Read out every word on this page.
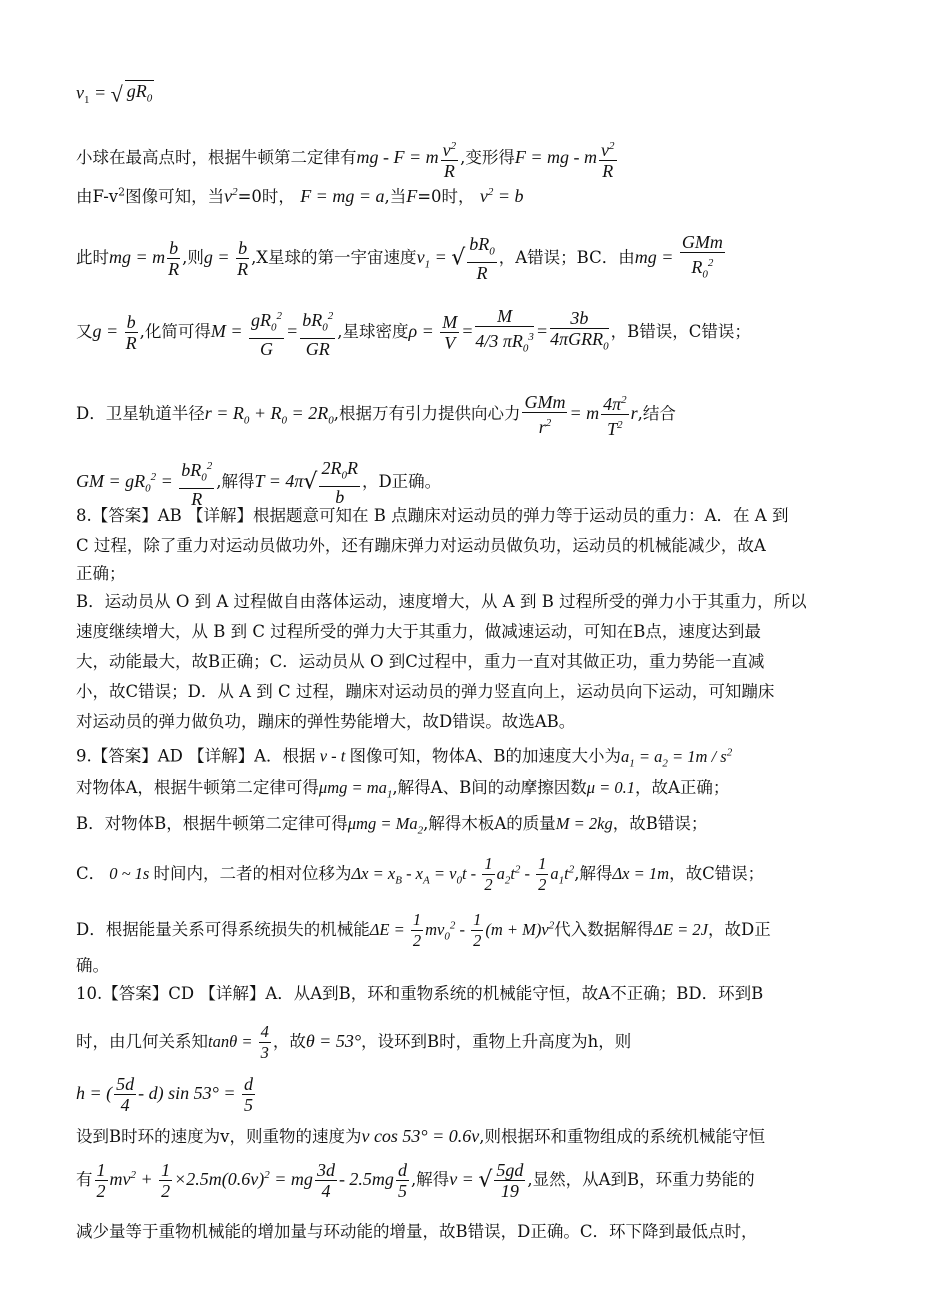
$v_1$ = √ $gR_0$
小球在最高点时，根据牛顿第二定律有mg - F = m $\frac{v^2}{R}$ ,变形得F = mg - m $\frac{v^2}{R}$
由$F-v^2$图像可知，当$v^2=0$时， F = mg = a,当F=0时， $v^2 = b$
此时mg = m $\frac{b}{R}$ ,则$g = \frac{b}{R} ,X$星球的第一宇宙速度$v_1$ = √ $\frac{bR_0}{R}$ ，A错误；BC．由mg = $\frac{\text{GMm}}{R_0^2}$
又$g = \frac{b}{R}$ ,化简可得$M = \frac{gR_0^2}{G} = \frac{bR_0^2}{GR}$ ,星球密度$\rho = \frac{M}{V} = \frac{M}{4/3 \pi R_0^3} = \frac{3b}{4\pi GRR_0}$ ，B错误，C错误；
D．卫星轨道半径$r = R_0 + R_0 = 2R_0$,根据万有引力提供向心力 $\frac{\text{GMm}}{r^2} = m \frac{4\pi^2}{T^2} r$,结合
GM = $gR_0^2 = \frac{bR_0^2}{R}$ ,解得$T = 4\pi√ \frac{2R_0R}{b}$ ，D正确。
8.【答案】AB 【详解】根据题意可知在 B 点蹦床对运动员的弹力等于运动员的重力：A．在 A 到
C 过程，除了重力对运动员做功外，还有蹦床弹力对运动员做负功，运动员的机械能减少，故A
正确；
B．运动员从 O 到 A 过程做自由落体运动，速度增大，从 A 到 B 过程所受的弹力小于其重力，所以
速度继续增大，从 B 到 C 过程所受的弹力大于其重力，做减速运动，可知在B点，速度达到最
大，动能最大，故B正确；C．运动员从 O 到C过程中，重力一直对其做正功，重力势能一直减
小，故C错误；D．从 A 到 C 过程，蹦床对运动员的弹力竖直向上，运动员向下运动，可知蹦床
对运动员的弹力做负功，蹦床的弹性势能增大，故D错误。故选AB。
9.【答案】AD 【详解】A．根据 v - t 图像可知，物体A、B的加速度大小为$a_1 = a_2 = 1m / s^2$
对物体A，根据牛顿第二定律可得$\mu mg = ma_1$,解得A、B间的动摩擦因数μ = 0.1，故A正确；
B．对物体B，根据牛顿第二定律可得$\mu mg = Ma_2$,解得木板A的质量M = 2kg，故B错误；
C． 0 ~ 1s 时间内，二者的相对位移为$\Delta x = x_B - x_A = v_0t - \frac{1}{2} a_2t^2 - \frac{1}{2} a_1t^2$,解得Δx = 1m，故C错误；
D．根据能量关系可得系统损失的机械能$\Delta E = \frac{1}{2} mv_0^2 - \frac{1}{2} (m + M)v^2$代入数据解得ΔE = 2J，故D正
确。
10.【答案】CD 【详解】A．从A到B，环和重物系统的机械能守恒，故A不正确；BD．环到B
时，由几何关系知$\tan\theta = \frac{4}{3}$ ，故θ = 53°，设环到B时，重物上升高度为h，则
h = ( $\frac{5d}{4} - d$) $\sin 53^\circ = \frac{d}{5}$
设到B时环的速度为v，则重物的速度为v cos 53° = 0.6v,则根据环和重物组成的系统机械能守恒
有 $\frac{1}{2} mv^2 + \frac{1}{2} \times 2.5m(0.6v)^2$ = mg $\frac{3d}{4} - 2.5mg \frac{d}{5}$ ,解得v = √ $\frac{5gd}{19}$ ,显然，从A到B，环重力势能的
减少量等于重物机械能的增加量与环动能的增量，故B错误，D正确。C．环下降到最低点时，
